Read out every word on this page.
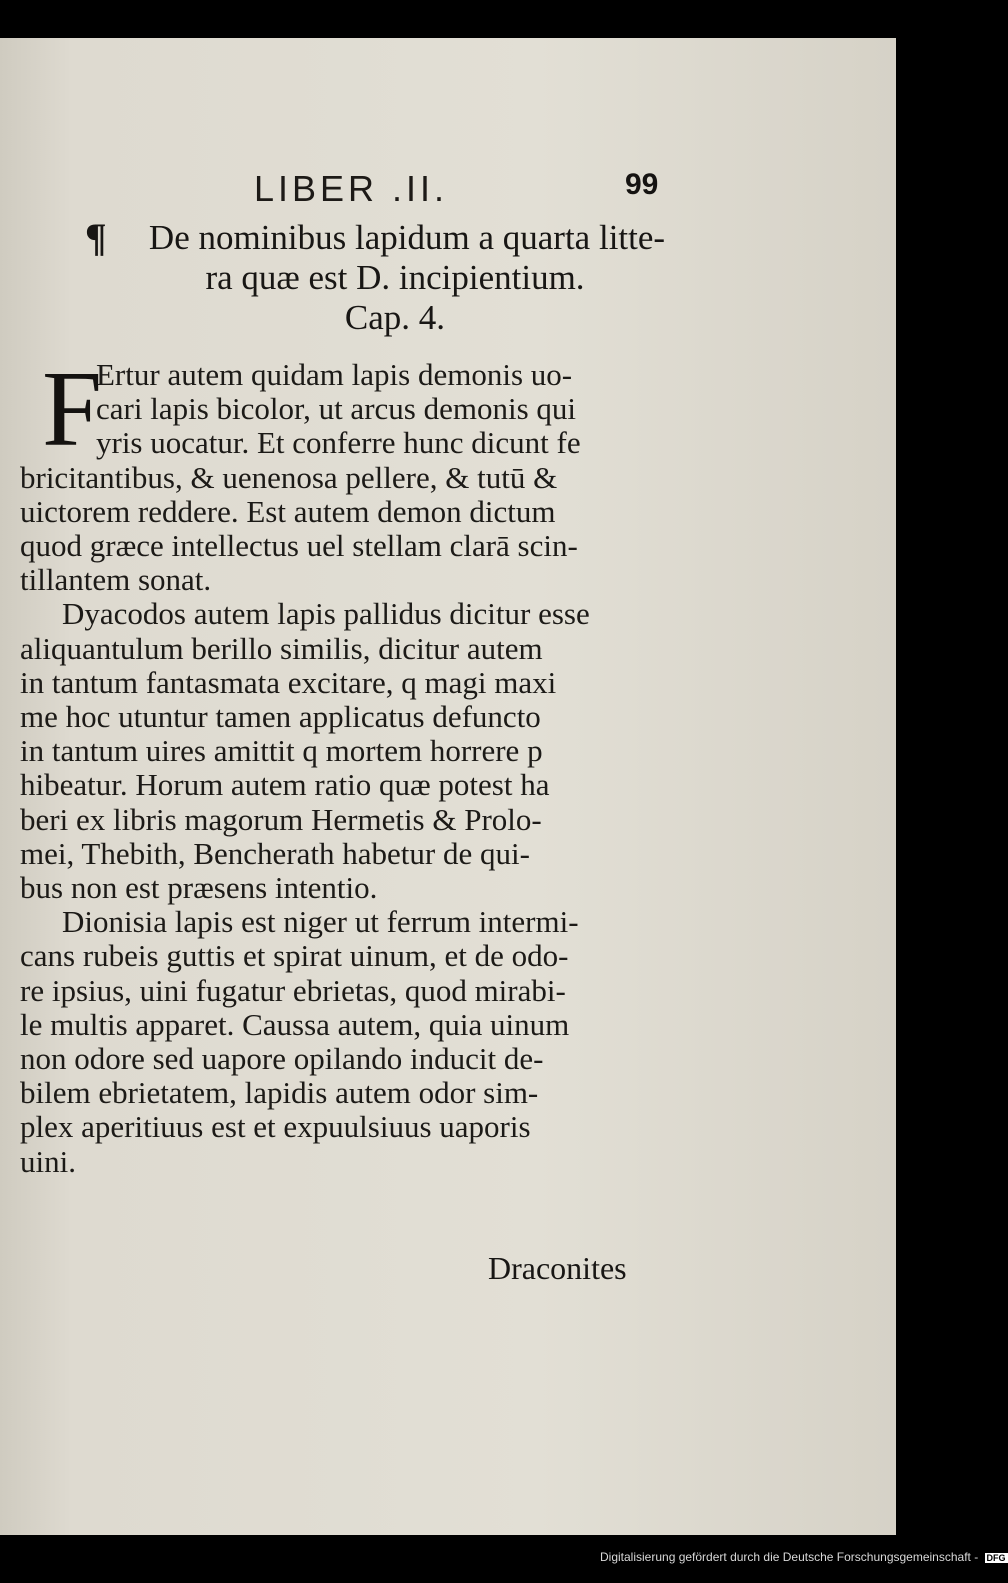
LIBER .II.	99
¶	De nominibus lapidum a quarta litte-
ra quæ est D. incipientium.
Cap. 4.
F
Ertur autem quidam lapis demonis uo-
cari lapis bicolor, ut arcus demonis qui
yris uocatur. Et conferre hunc dicunt fe
bricitantibus, & uenenosa pellere, & tutū &
uictorem reddere. Est autem demon dictum
quod græce intellectus uel stellam clarā scin-
tillantem sonat.
Dyacodos autem lapis pallidus dicitur esse
aliquantulum berillo similis, dicitur autem
in tantum fantasmata excitare, q magi maxi
me hoc utuntur tamen applicatus defuncto
in tantum uires amittit q mortem horrere p
hibeatur. Horum autem ratio quæ potest ha
beri ex libris magorum Hermetis & Prolo-
mei, Thebith, Bencherath habetur de qui-
bus non est præsens intentio.
Dionisia lapis est niger ut ferrum intermi-
cans rubeis guttis et spirat uinum, et de odo-
re ipsius, uini fugatur ebrietas, quod mirabi-
le multis apparet. Caussa autem, quia uinum
non odore sed uapore opilando inducit de-
bilem ebrietatem, lapidis autem odor sim-
plex aperitiuus est et expuulsiuus uaporis
uini.
Draconites
Digitalisierung gefördert durch die Deutsche Forschungsgemeinschaft - DFG
